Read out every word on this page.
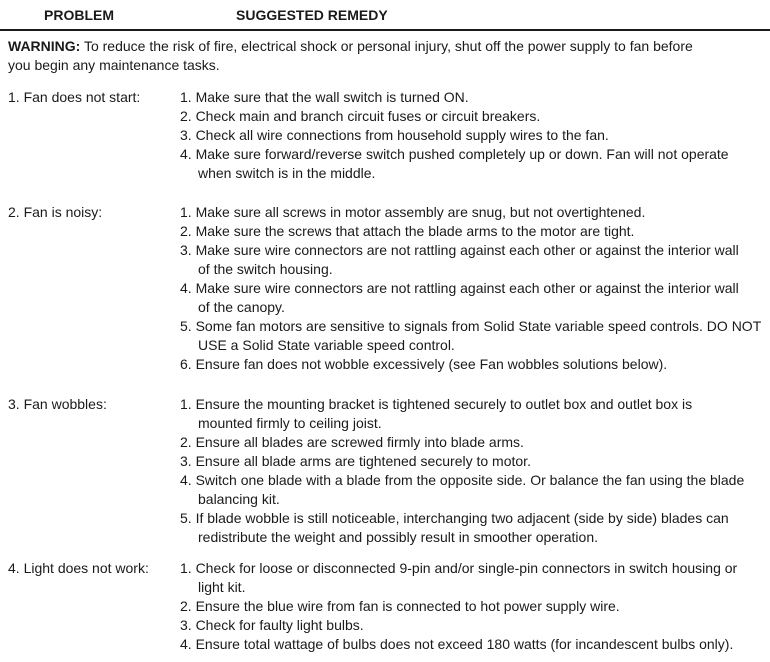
PROBLEM	SUGGESTED REMEDY
WARNING: To reduce the risk of fire, electrical shock or personal injury, shut off the power supply to fan before
you begin any maintenance tasks.
1. Fan does not start:	1. Make sure that the wall switch is turned ON.
2. Check main and branch circuit fuses or circuit breakers.
3. Check all wire connections from household supply wires to the fan.
4. Make sure forward/reverse switch pushed completely up or down. Fan will not operate
when switch is in the middle.
2. Fan is noisy:	1. Make sure all screws in motor assembly are snug, but not overtightened.
2. Make sure the screws that attach the blade arms to the motor are tight.
3. Make sure wire connectors are not rattling against each other or against the interior wall
of the switch housing.
4. Make sure wire connectors are not rattling against each other or against the interior wall
of the canopy.
5. Some fan motors are sensitive to signals from Solid State variable speed controls. DO NOT
USE a Solid State variable speed control.
6. Ensure fan does not wobble excessively (see Fan wobbles solutions below).
3. Fan wobbles:	1. Ensure the mounting bracket is tightened securely to outlet box and outlet box is
mounted firmly to ceiling joist.
2. Ensure all blades are screwed firmly into blade arms.
3. Ensure all blade arms are tightened securely to motor.
4. Switch one blade with a blade from the opposite side. Or balance the fan using the blade
balancing kit.
5. If blade wobble is still noticeable, interchanging two adjacent (side by side) blades can
redistribute the weight and possibly result in smoother operation.
4. Light does not work: 1. Check for loose or disconnected 9-pin and/or single-pin connectors in switch housing or
light kit.
2. Ensure the blue wire from fan is connected to hot power supply wire.
3. Check for faulty light bulbs.
4. Ensure total wattage of bulbs does not exceed 180 watts (for incandescent bulbs only).
